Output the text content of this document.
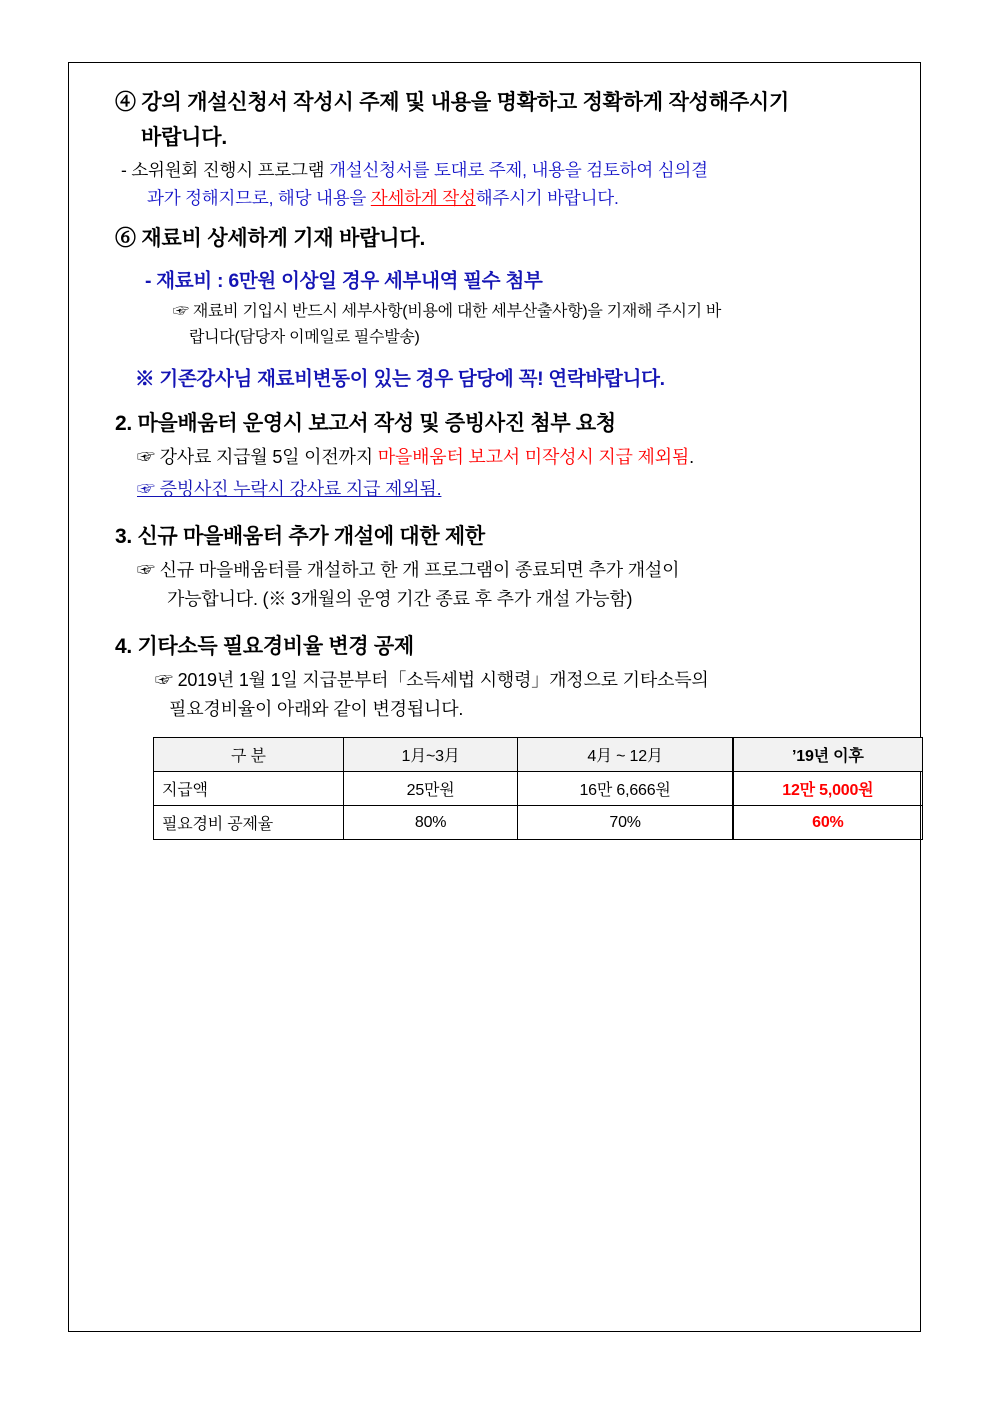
④ 강의 개설신청서 작성시 주제 및 내용을 명확하고 정확하게 작성해주시기
바랍니다.
- 소위원회 진행시 프로그램 개설신청서를 토대로 주제, 내용을 검토하여 심의결
과가 정해지므로, 해당 내용을 자세하게 작성해주시기 바랍니다.
⑥ 재료비 상세하게 기재 바랍니다.
- 재료비 : 6만원 이상일 경우 세부내역 필수 첨부
☞ 재료비 기입시 반드시 세부사항(비용에 대한 세부산출사항)을 기재해 주시기 바
랍니다(담당자 이메일로 필수발송)
※ 기존강사님 재료비변동이 있는 경우 담당에 꼭! 연락바랍니다.
2. 마을배움터 운영시 보고서 작성 및 증빙사진 첨부 요청
☞ 강사료 지급월 5일 이전까지 마을배움터 보고서 미작성시 지급 제외됨.
☞ 증빙사진 누락시 강사료 지급 제외됨.
3. 신규 마을배움터 추가 개설에 대한 제한
☞ 신규 마을배움터를 개설하고 한 개 프로그램이 종료되면 추가 개설이
가능합니다. (※ 3개월의 운영 기간 종료 후 추가 개설 가능함)
4. 기타소득 필요경비율 변경 공제
☞ 2019년 1월 1일 지급분부터「소득세법 시행령」개정으로 기타소득의
필요경비율이 아래와 같이 변경됩니다.
구 분	1月~3月	4月 ~ 12月	’19년 이후
지급액	25만원	16만 6,666원	12만 5,000원
필요경비 공제율	80%	70%	60%
